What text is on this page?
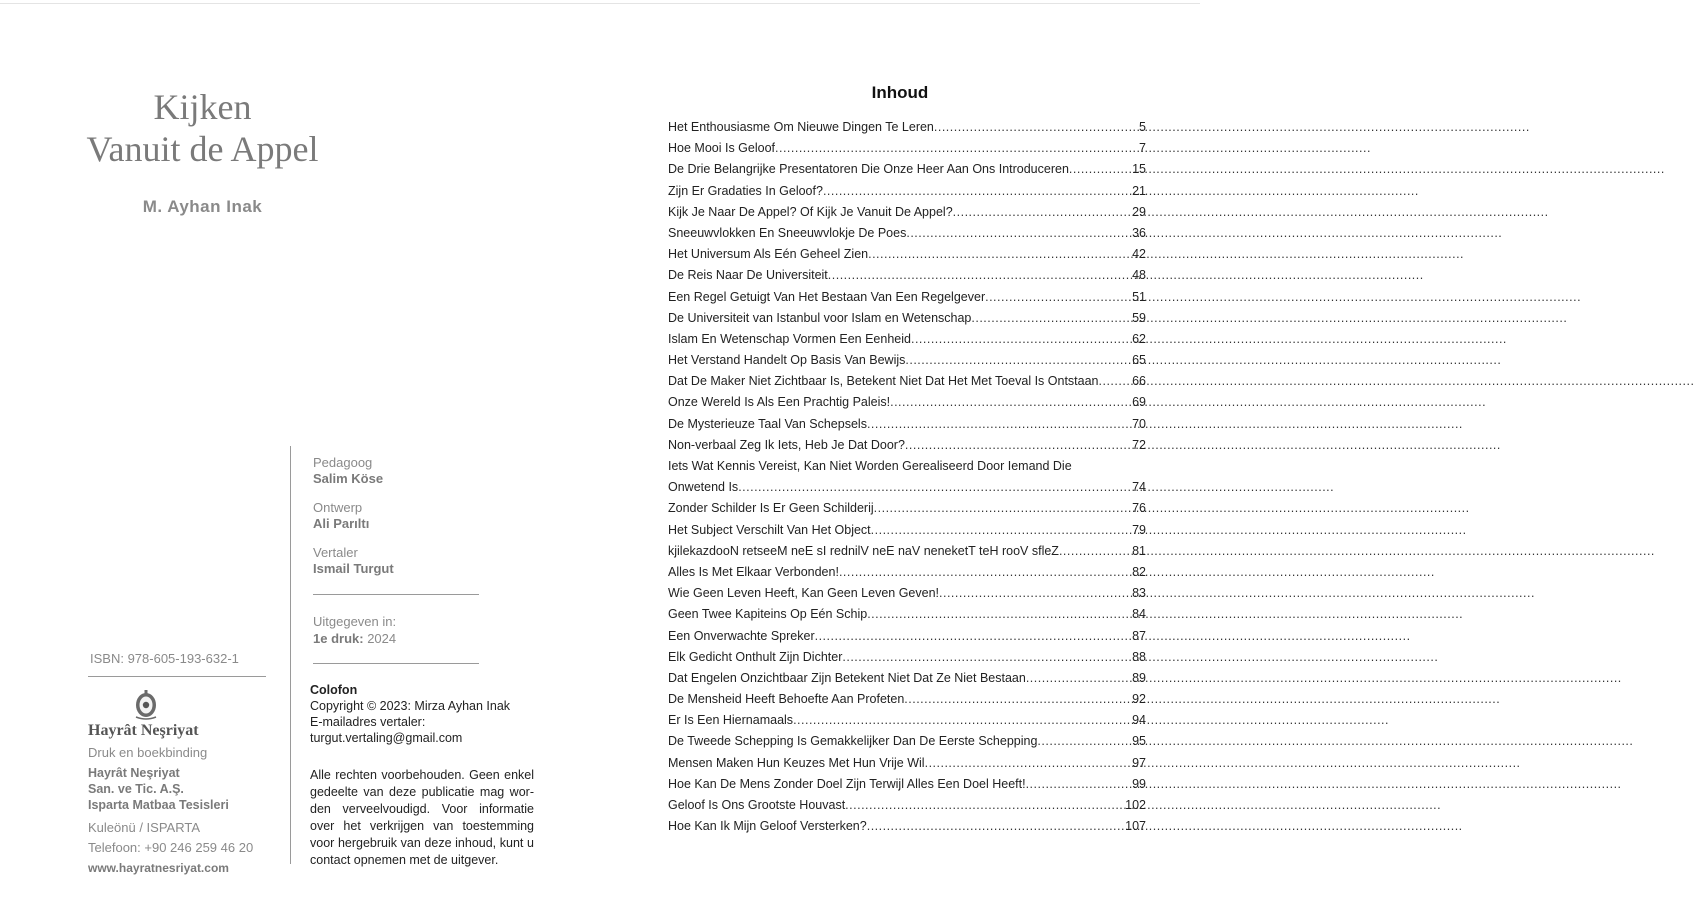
Kijken
Vanuit de Appel
M. Ayhan Inak
Pedagoog
Salim Köse
Ontwerp
Ali Parıltı
Vertaler
Ismail Turgut
Uitgegeven in:
1e druk: 2024
Colofon
Copyright © 2023: Mirza Ayhan Inak
E-mailadres vertaler:
turgut.vertaling@gmail.com
Alle rechten voorbehouden. Geen enkel gedeelte van deze publicatie mag wor-den verveelvoudigd. Voor informatie over het verkrijgen van toestemming voor hergebruik van deze inhoud, kunt u contact opnemen met de uitgever.
ISBN: 978-605-193-632-1
Hayrât Neşriyat
Druk en boekbinding
Hayrât Neşriyat
San. ve Tic. A.Ş.
Isparta Matbaa Tesisleri
Kuleönü / ISPARTA
Telefoon: +90 246 259 46 20
www.hayratnesriyat.com
Inhoud
Het Enthousiasme Om Nieuwe Dingen Te Leren .....	5
Hoe Mooi Is Geloof .....	7
De Drie Belangrijke Presentatoren Die Onze Heer Aan Ons Introduceren .....	15
Zijn Er Gradaties In Geloof? .....	21
Kijk Je Naar De Appel? Of Kijk Je Vanuit De Appel? .....	29
Sneeuwvlokken En Sneeuwvlokje De Poes .....	36
Het Universum Als Eén Geheel Zien .....	42
De Reis Naar De Universiteit .....	48
Een Regel Getuigt Van Het Bestaan Van Een Regelgever .....	51
De Universiteit van Istanbul voor Islam en Wetenschap .....	59
Islam En Wetenschap Vormen Een Eenheid .....	62
Het Verstand Handelt Op Basis Van Bewijs .....	65
Dat De Maker Niet Zichtbaar Is, Betekent Niet Dat Het Met Toeval Is Ontstaan .....	66
Onze Wereld Is Als Een Prachtig Paleis! .....	69
De Mysterieuze Taal Van Schepsels .....	70
Non-verbaal Zeg Ik Iets, Heb Je Dat Door? .....	72
Iets Wat Kennis Vereist, Kan Niet Worden Gerealiseerd Door Iemand Die
Onwetend Is .....	74
Zonder Schilder Is Er Geen Schilderij .....	76
Het Subject Verschilt Van Het Object .....	79
kjilekazdooN retseeM neE sI rednilV neE naV neneketT teH rooV sfleZ .....	81
Alles Is Met Elkaar Verbonden! .....	82
Wie Geen Leven Heeft, Kan Geen Leven Geven! .....	83
Geen Twee Kapiteins Op Eén Schip .....	84
Een Onverwachte Spreker .....	87
Elk Gedicht Onthult Zijn Dichter .....	88
Dat Engelen Onzichtbaar Zijn Betekent Niet Dat Ze Niet Bestaan .....	89
De Mensheid Heeft Behoefte Aan Profeten .....	92
Er Is Een Hiernamaals .....	94
De Tweede Schepping Is Gemakkelijker Dan De Eerste Schepping .....	95
Mensen Maken Hun Keuzes Met Hun Vrije Wil .....	97
Hoe Kan De Mens Zonder Doel Zijn Terwijl Alles Een Doel Heeft! .....	99
Geloof Is Ons Grootste Houvast .....	102
Hoe Kan Ik Mijn Geloof Versterken? .....	107
